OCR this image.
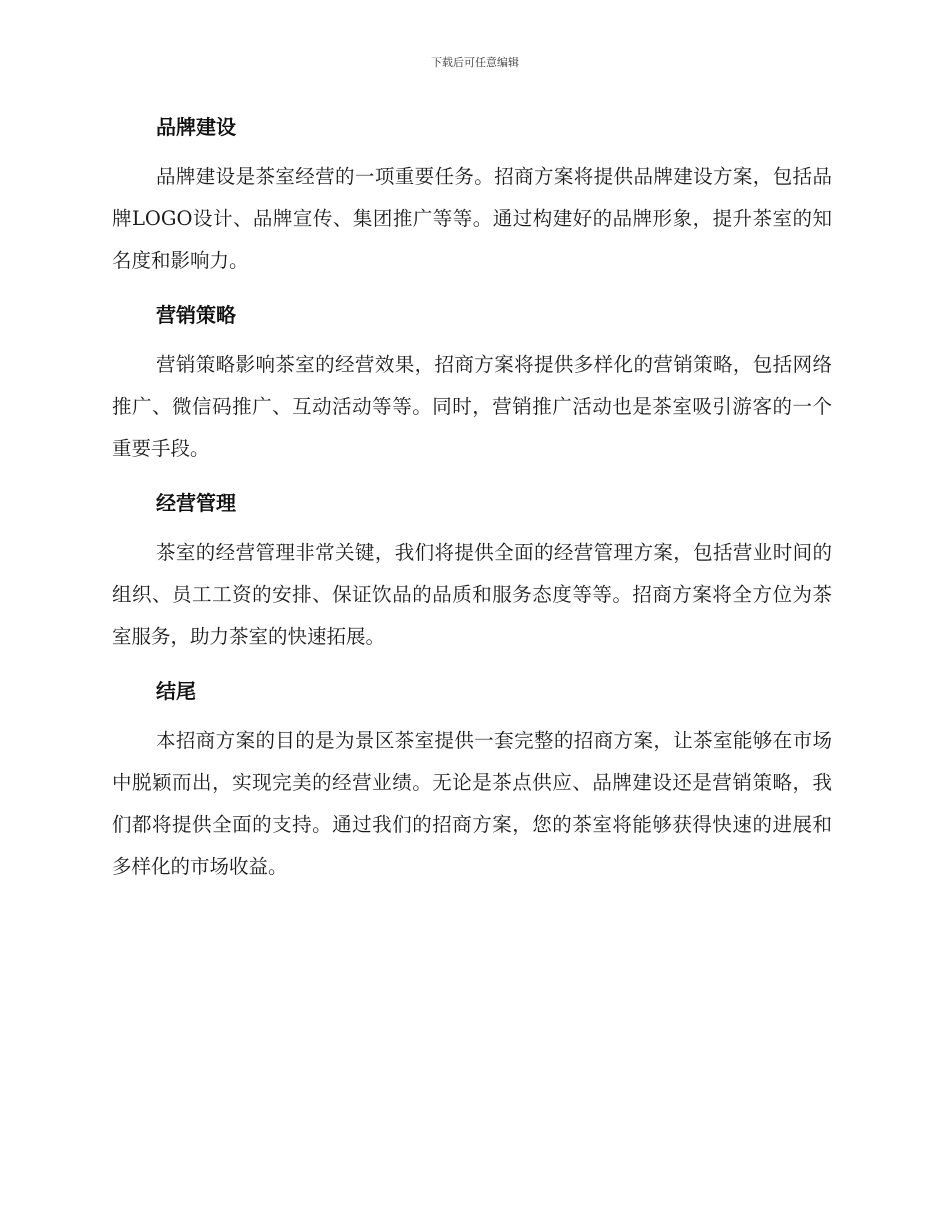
下载后可任意编辑
品牌建设

品牌建设是茶室经营的一项重要任务。招商方案将提供品牌建设方案，包括品牌LOGO设计、品牌宣传、集团推广等等。通过构建好的品牌形象，提升茶室的知名度和影响力。

营销策略

营销策略影响茶室的经营效果，招商方案将提供多样化的营销策略，包括网络推广、微信码推广、互动活动等等。同时，营销推广活动也是茶室吸引游客的一个重要手段。

经营管理

茶室的经营管理非常关键，我们将提供全面的经营管理方案，包括营业时间的组织、员工工资的安排、保证饮品的品质和服务态度等等。招商方案将全方位为茶室服务，助力茶室的快速拓展。

结尾

本招商方案的目的是为景区茶室提供一套完整的招商方案，让茶室能够在市场中脱颖而出，实现完美的经营业绩。无论是茶点供应、品牌建设还是营销策略，我们都将提供全面的支持。通过我们的招商方案，您的茶室将能够获得快速的进展和多样化的市场收益。
